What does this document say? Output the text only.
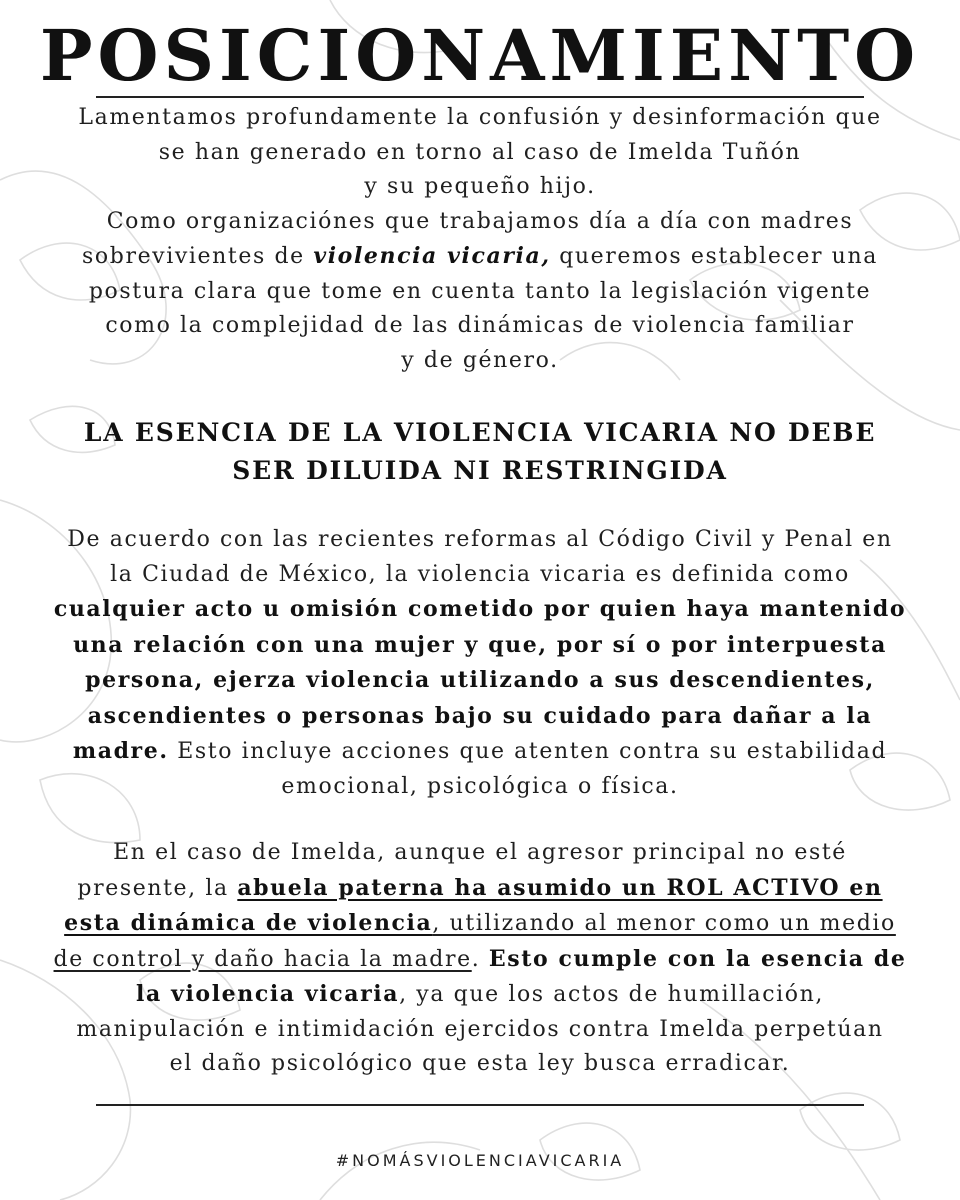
POSICIONAMIENTO

Lamentamos profundamente la confusión y desinformación que

se han generado en torno al caso de Imelda Tuñón

y su pequeño hijo.

Como organizaciónes que trabajamos día a día con madres

sobrevivientes de violencia vicaria, queremos establecer una

postura clara que tome en cuenta tanto la legislación vigente

como la complejidad de las dinámicas de violencia familiar

y de género.

LA ESENCIA DE LA VIOLENCIA VICARIA NO DEBE
SER DILUIDA NI RESTRINGIDA

De acuerdo con las recientes reformas al Código Civil y Penal en

la Ciudad de México, la violencia vicaria es definida como

cualquier acto u omisión cometido por quien haya mantenido

una relación con una mujer y que, por sí o por interpuesta

persona, ejerza violencia utilizando a sus descendientes,

ascendientes o personas bajo su cuidado para dañar a la

madre. Esto incluye acciones que atenten contra su estabilidad

emocional, psicológica o física.

En el caso de Imelda, aunque el agresor principal no esté

presente, la abuela paterna ha asumido un ROL ACTIVO en

esta dinámica de violencia, utilizando al menor como un medio

de control y daño hacia la madre. Esto cumple con la esencia de

la violencia vicaria, ya que los actos de humillación,

manipulación e intimidación ejercidos contra Imelda perpetúan

el daño psicológico que esta ley busca erradicar.

#NOMÁSVIOLENCIAVICARIA
